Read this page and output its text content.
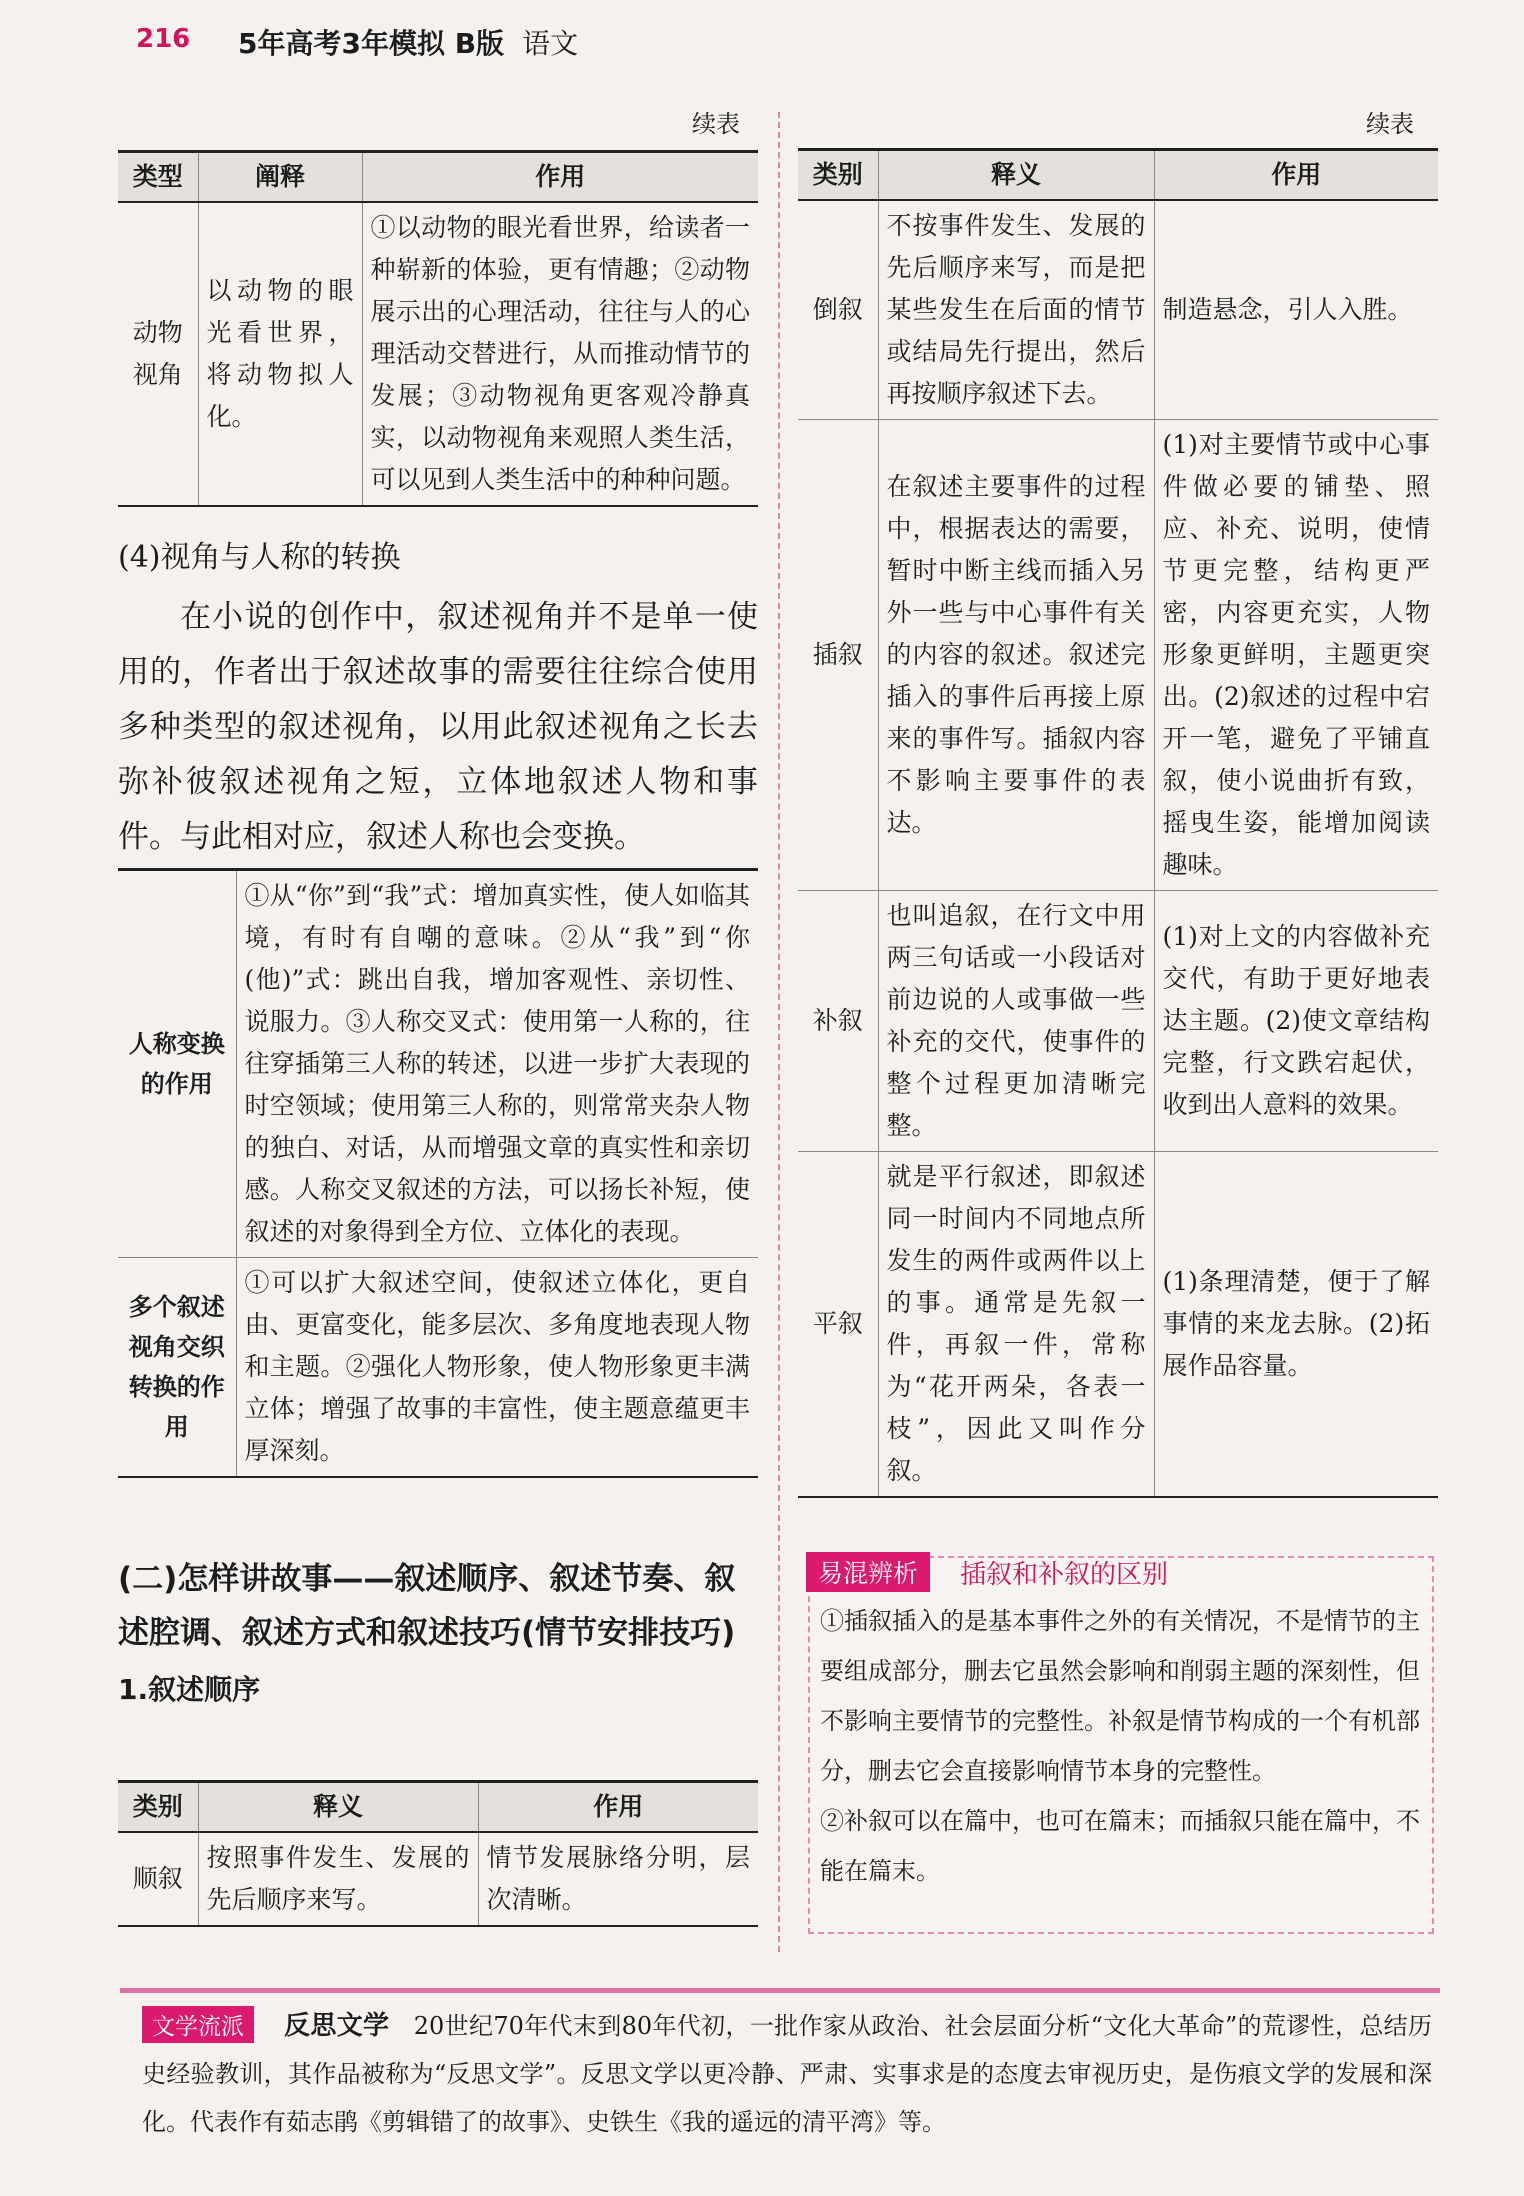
216 5年高考3年模拟 B版 语文
续表	续表
类型	阐释	作用
动物视角	以动物的眼光看世界，将动物拟人化。	①以动物的眼光看世界，给读者一种崭新的体验，更有情趣；②动物展示出的心理活动，往往与人的心理活动交替进行，从而推动情节的发展；③动物视角更客观冷静真实，以动物视角来观照人类生活，可以见到人类生活中的种种问题。
(4)视角与人称的转换
在小说的创作中，叙述视角并不是单一使用的，作者出于叙述故事的需要往往综合使用多种类型的叙述视角，以用此叙述视角之长去弥补彼叙述视角之短，立体地叙述人物和事件。与此相对应，叙述人称也会变换。
人称变换的作用	①从“你”到“我”式：增加真实性，使人如临其境，有时有自嘲的意味。②从“我”到“你(他)”式：跳出自我，增加客观性、亲切性、说服力。③人称交叉式：使用第一人称的，往往穿插第三人称的转述，以进一步扩大表现的时空领域；使用第三人称的，则常常夹杂人物的独白、对话，从而增强文章的真实性和亲切感。人称交叉叙述的方法，可以扬长补短，使叙述的对象得到全方位、立体化的表现。
多个叙述视角交织转换的作用	①可以扩大叙述空间，使叙述立体化，更自由、更富变化，能多层次、多角度地表现人物和主题。②强化人物形象，使人物形象更丰满立体；增强了故事的丰富性，使主题意蕴更丰厚深刻。
(二)怎样讲故事——叙述顺序、叙述节奏、叙述腔调、叙述方式和叙述技巧(情节安排技巧)
1.叙述顺序
类别	释义	作用
顺叙	按照事件发生、发展的先后顺序来写。	情节发展脉络分明，层次清晰。
类别	释义	作用
倒叙	不按事件发生、发展的先后顺序来写，而是把某些发生在后面的情节或结局先行提出，然后再按顺序叙述下去。	制造悬念，引人入胜。
插叙	在叙述主要事件的过程中，根据表达的需要，暂时中断主线而插入另外一些与中心事件有关的内容的叙述。叙述完插入的事件后再接上原来的事件写。插叙内容不影响主要事件的表达。	(1)对主要情节或中心事件做必要的铺垫、照应、补充、说明，使情节更完整，结构更严密，内容更充实，人物形象更鲜明，主题更突出。(2)叙述的过程中宕开一笔，避免了平铺直叙，使小说曲折有致，摇曳生姿，能增加阅读趣味。
补叙	也叫追叙，在行文中用两三句话或一小段话对前边说的人或事做一些补充的交代，使事件的整个过程更加清晰完整。	(1)对上文的内容做补充交代，有助于更好地表达主题。(2)使文章结构完整，行文跌宕起伏，收到出人意料的效果。
平叙	就是平行叙述，即叙述同一时间内不同地点所发生的两件或两件以上的事。通常是先叙一件，再叙一件，常称为“花开两朵，各表一枝”，因此又叫作分叙。	(1)条理清楚，便于了解事情的来龙去脉。(2)拓展作品容量。
易混辨析	插叙和补叙的区别
①插叙插入的是基本事件之外的有关情况，不是情节的主要组成部分，删去它虽然会影响和削弱主题的深刻性，但不影响主要情节的完整性。补叙是情节构成的一个有机部分，删去它会直接影响情节本身的完整性。
②补叙可以在篇中，也可在篇末；而插叙只能在篇中，不能在篇末。
反思文学　 20世纪70年代末到80年代初，一批作家从政治、社会层面分析“文化大革命”的荒谬性，总结历史经验教训，其作品被称为“反思文学”。反思文学以更冷静、严肃、实事求是的态度去审视历史，是伤痕文学的发展和深化。代表作有茹志鹃《剪辑错了的故事》、史铁生《我的遥远的清平湾》等。
文学流派
